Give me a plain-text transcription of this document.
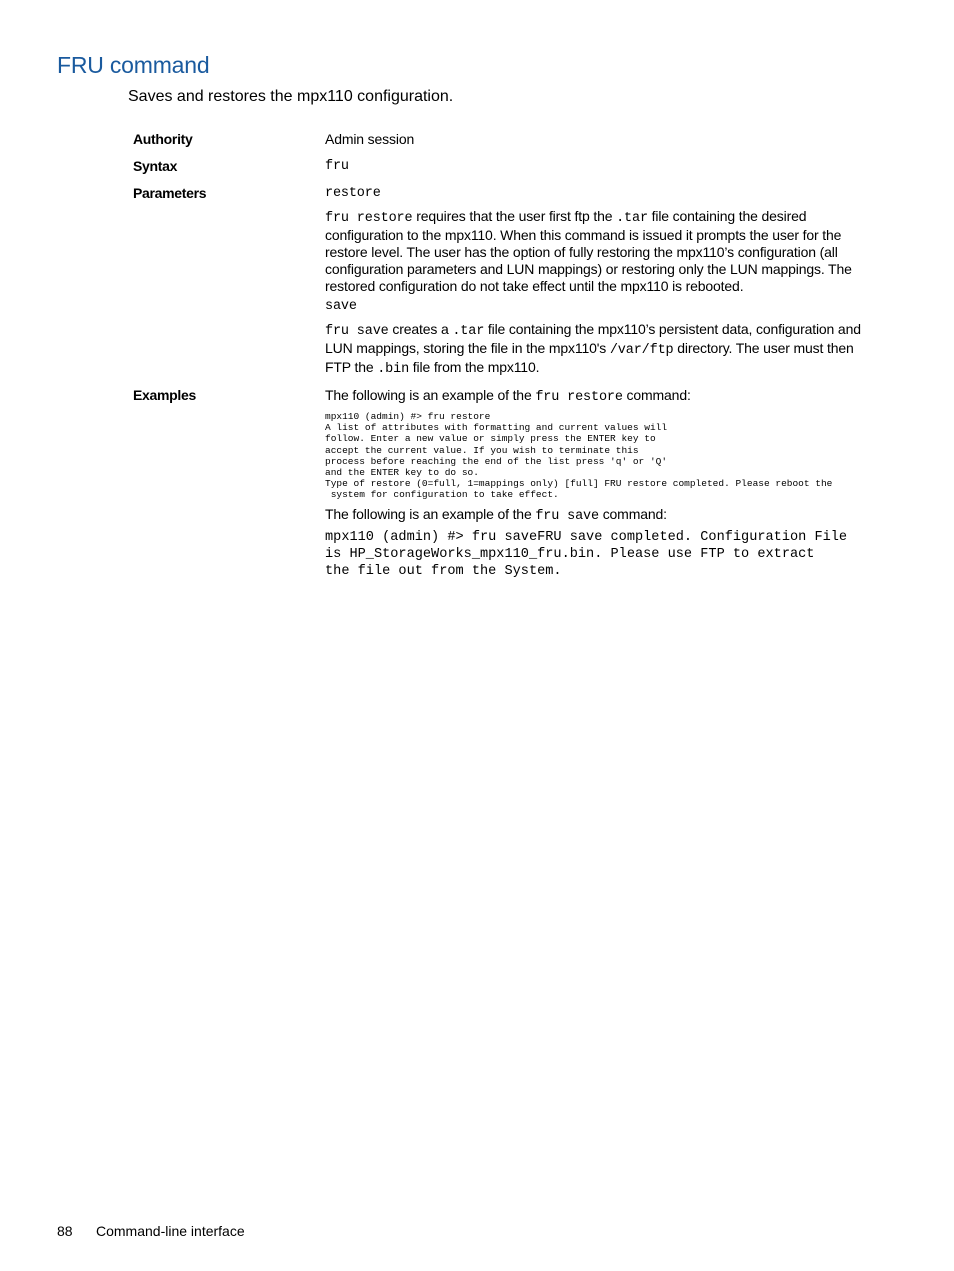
FRU command
Saves and restores the mpx110 configuration.
Authority	Admin session
Syntax	fru
Parameters	restore
fru restore requires that the user first ftp the .tar file containing the desired configuration to the mpx110. When this command is issued it prompts the user for the restore level. The user has the option of fully restoring the mpx110’s configuration (all configuration parameters and LUN mappings) or restoring only the LUN mappings. The restored configuration do not take effect until the mpx110 is rebooted.
save
fru save creates a .tar file containing the mpx110’s persistent data, configuration and LUN mappings, storing the file in the mpx110's /var/ftp directory. The user must then FTP the .bin file from the mpx110.
Examples	The following is an example of the fru restore command:
mpx110 (admin) #> fru restore
A list of attributes with formatting and current values will
follow. Enter a new value or simply press the ENTER key to
accept the current value. If you wish to terminate this
process before reaching the end of the list press 'q' or 'Q'
and the ENTER key to do so.
Type of restore (0=full, 1=mappings only) [full] FRU restore completed. Please reboot the
system for configuration to take effect.
The following is an example of the fru save command:
mpx110 (admin) #> fru saveFRU save completed. Configuration File
is HP_StorageWorks_mpx110_fru.bin. Please use FTP to extract
the file out from the System.
88 Command-line interface
